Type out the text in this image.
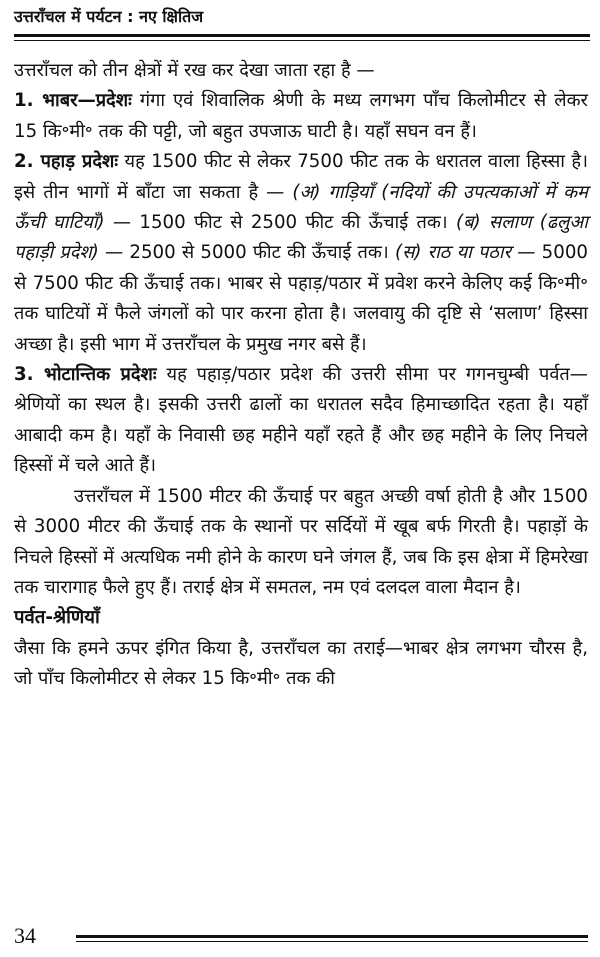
उत्तराँचल में पर्यटन : नए क्षितिज

उत्तराँचल को तीन क्षेत्रों में रख कर देखा जाता रहा है —

1. भाबर—प्रदेशः गंगा एवं शिवालिक श्रेणी के मध्य लगभग पाँच किलोमीटर से लेकर 15 कि॰मी॰ तक की पट्टी, जो बहुत उपजाऊ घाटी है। यहाँ सघन वन हैं।

2. पहाड़ प्रदेशः यह 1500 फीट से लेकर 7500 फीट तक के धरातल वाला हिस्सा है। इसे तीन भागों में बाँटा जा सकता है — (अ) गाड़ियाँ (नदियों की उपत्यकाओं में कम ऊँची घाटियाँ) — 1500 फीट से 2500 फीट की ऊँचाई तक। (ब) सलाण (ढलुआ पहाड़ी प्रदेश) — 2500 से 5000 फीट की ऊँचाई तक। (स) राठ या पठार — 5000 से 7500 फीट की ऊँचाई तक। भाबर से पहाड़/पठार में प्रवेश करने केलिए कई कि॰मी॰ तक घाटियों में फैले जंगलों को पार करना होता है। जलवायु की दृष्टि से ‘सलाण’ हिस्सा अच्छा है। इसी भाग में उत्तराँचल के प्रमुख नगर बसे हैं।

3. भोटान्तिक प्रदेशः यह पहाड़/पठार प्रदेश की उत्तरी सीमा पर गगनचुम्बी पर्वत—श्रेणियों का स्थल है। इसकी उत्तरी ढालों का धरातल सदैव हिमाच्छादित रहता है। यहाँ आबादी कम है। यहाँ के निवासी छह महीने यहाँ रहते हैं और छह महीने के लिए निचले हिस्सों में चले आते हैं।

उत्तराँचल में 1500 मीटर की ऊँचाई पर बहुत अच्छी वर्षा होती है और 1500 से 3000 मीटर की ऊँचाई तक के स्थानों पर सर्दियों में खूब बर्फ गिरती है। पहाड़ों के निचले हिस्सों में अत्यधिक नमी होने के कारण घने जंगल हैं, जब कि इस क्षेत्रा में हिमरेखा तक चारागाह फैले हुए हैं। तराई क्षेत्र में समतल, नम एवं दलदल वाला मैदान है।

पर्वत-श्रेणियाँ

जैसा कि हमने ऊपर इंगित किया है, उत्तराँचल का तराई—भाबर क्षेत्र लगभग चौरस है, जो पाँच किलोमीटर से लेकर 15 कि॰मी॰ तक की

34
